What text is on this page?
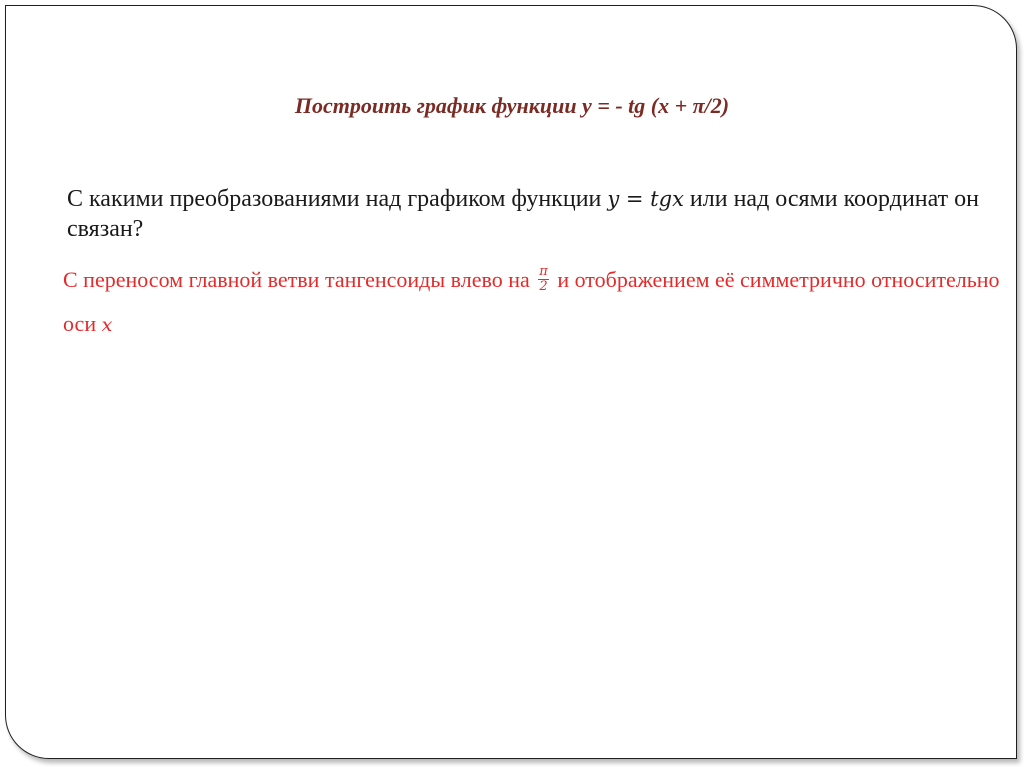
Построить график функции y = - tg (x + π/2)
С какими преобразованиями над графиком функции y = tgx или над осями координат он связан?
С переносом главной ветви тангенсоиды влево на $\frac{\pi}{2}$ и отображением её симметрично относительно оси x
